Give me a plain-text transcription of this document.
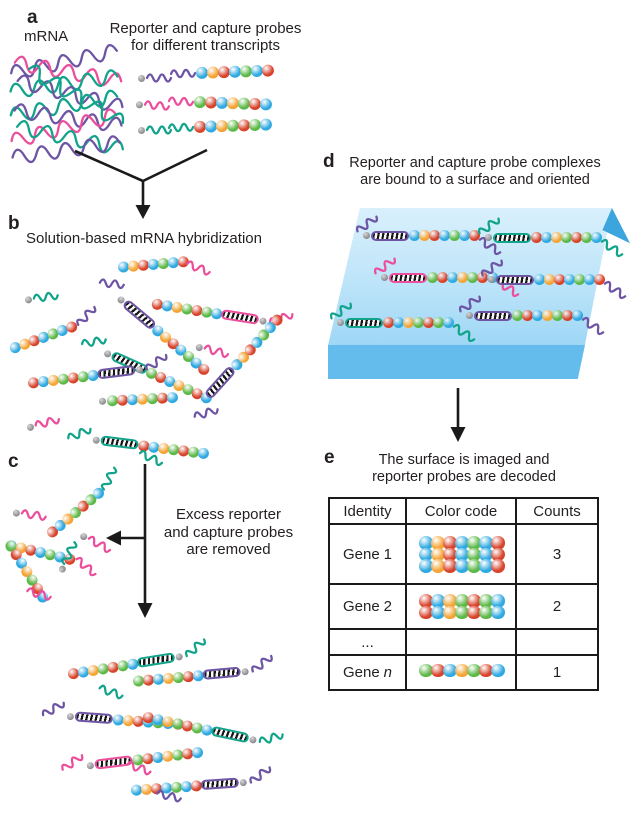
a
mRNA	Reporter and capture probes
for different transcripts
b
Solution-based mRNA hybridization
c
Excess reporter
and capture probes
are removed
d	Reporter and capture probe complexes
are bound to a surface and oriented
e	The surface is imaged and
reporter probes are decoded
Identity	Color code	Counts
Gene 1		3
Gene 2		2
...		
Gene n		1
